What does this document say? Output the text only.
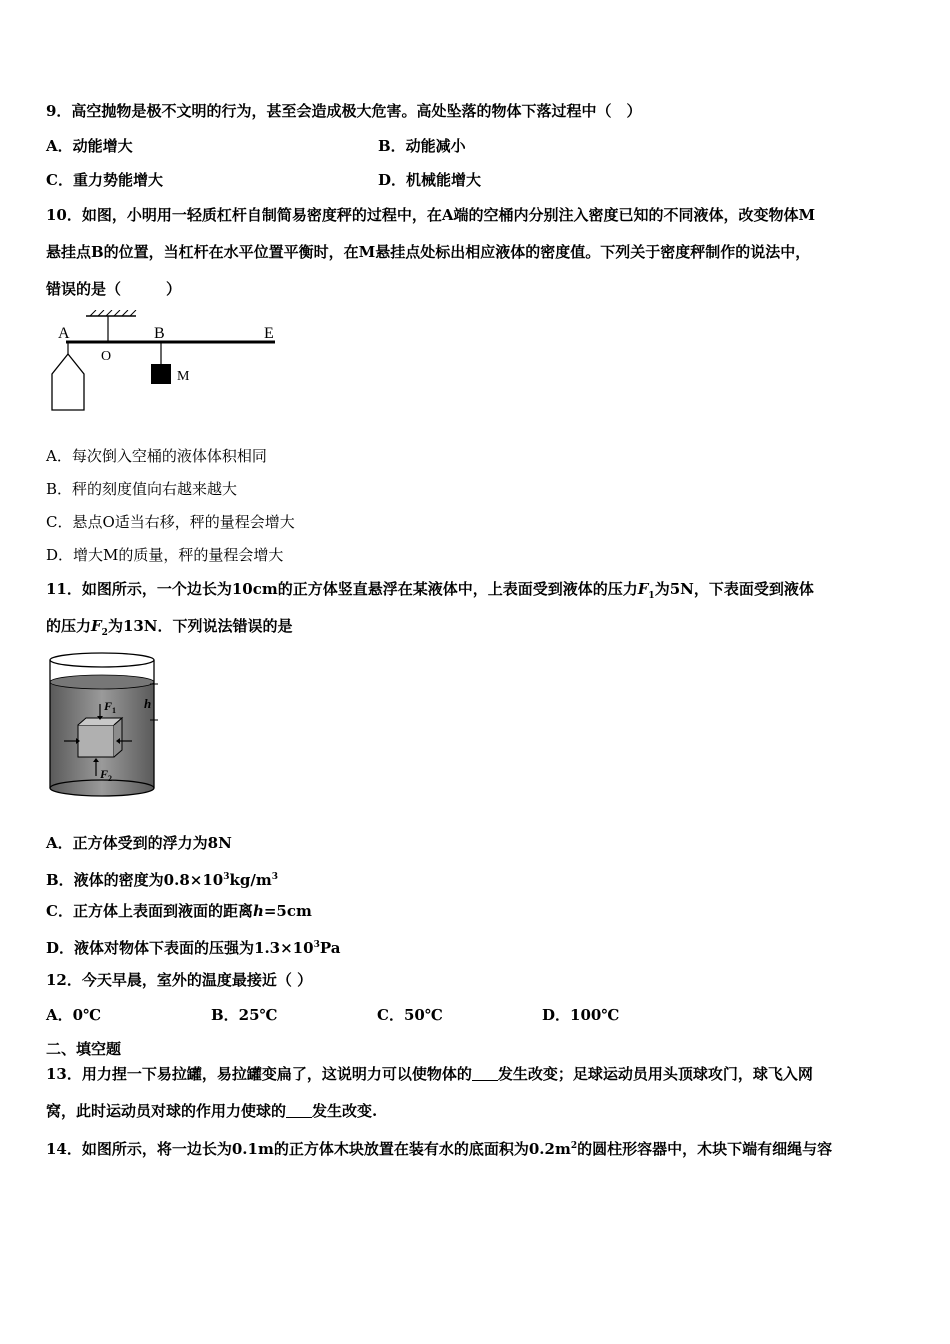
9．高空抛物是极不文明的行为，甚至会造成极大危害。高处坠落的物体下落过程中（　）
A．动能增大	B．动能减小
C．重力势能增大	D．机械能增大
10．如图，小明用一轻质杠杆自制简易密度秤的过程中，在A端的空桶内分别注入密度已知的不同液体，改变物体M
悬挂点B的位置，当杠杆在水平位置平衡时，在M悬挂点处标出相应液体的密度值。下列关于密度秤制作的说法中，
错误的是（　　　）
A
O
B	E
M
A．每次倒入空桶的液体体积相同
B．秤的刻度值向右越来越大
C．悬点O适当右移，秤的量程会增大
D．增大M的质量，秤的量程会增大
11．如图所示，一个边长为10cm的正方体竖直悬浮在某液体中，上表面受到液体的压力$F_1$为5N，下表面受到液体
的压力$F_2$为13N．下列说法错误的是
h
F 1
F 2
A．正方体受到的浮力为8N
B．液体的密度为$0.8\times 10^3kg/m^3$
C．正方体上表面到液面的距离h=5cm
D．液体对物体下表面的压强为$1.3\times 10^3Pa$
12．今天早晨，室外的温度最接近（ ）
A．0℃	B．25℃	C．50℃	D．100℃
二、填空题
13．用力捏一下易拉罐，易拉罐变扁了，这说明力可以使物体的 发生改变；足球运动员用头顶球攻门，球飞入网
窝，此时运动员对球的作用力使球的 发生改变.
14．如图所示，将一边长为0.1m的正方体木块放置在装有水的底面积为$0.2m^2$的圆柱形容器中，木块下端有细绳与容
